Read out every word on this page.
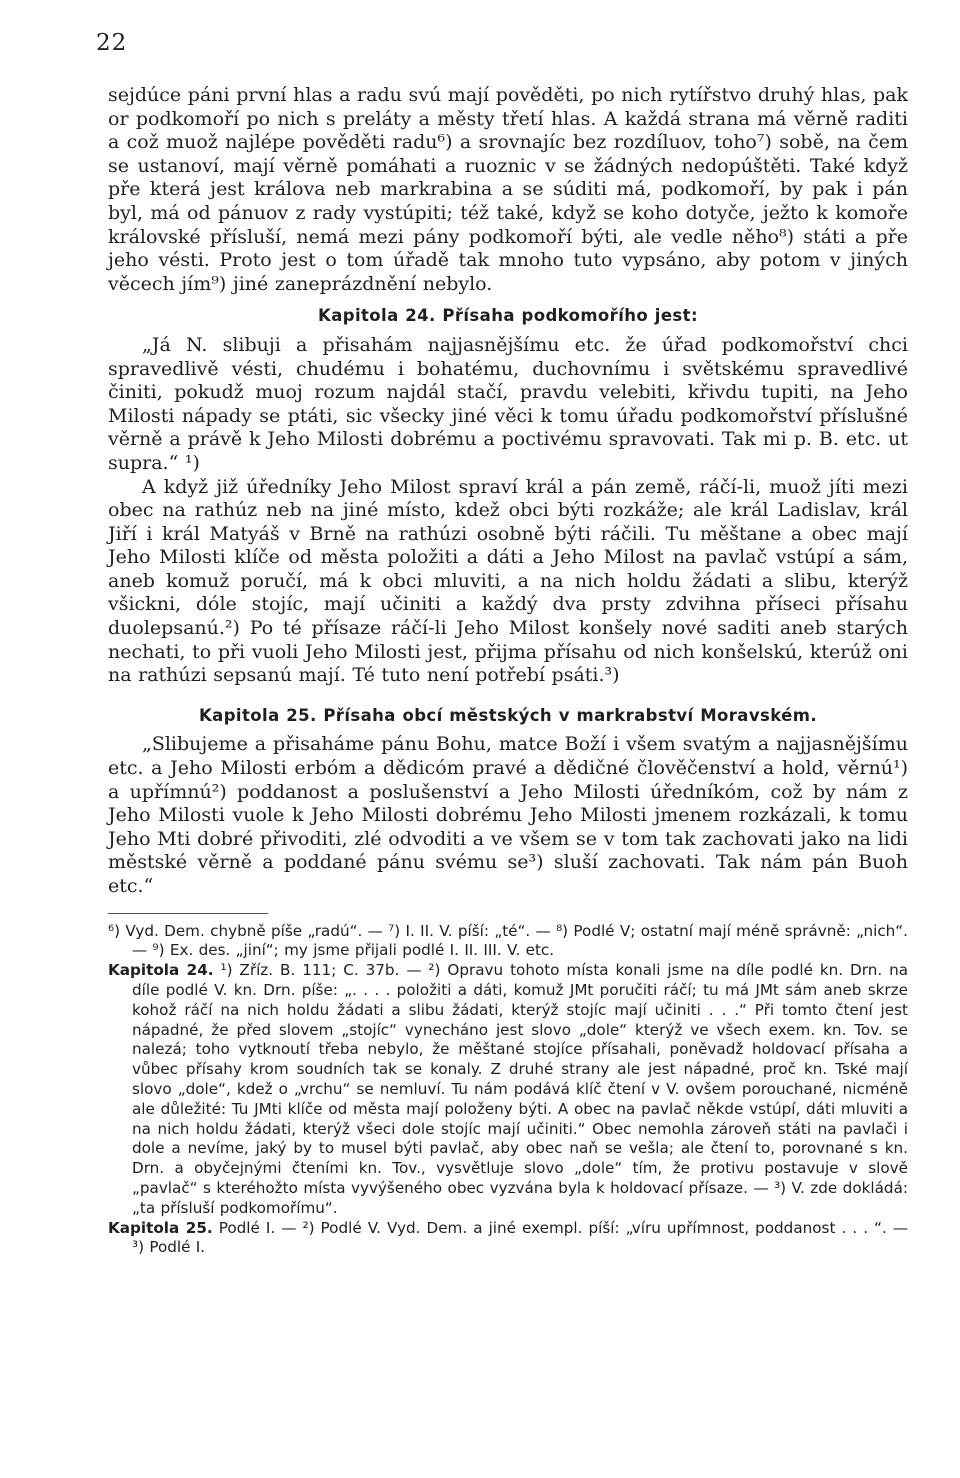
22

sejdúce páni první hlas a radu svú mají pověděti, po nich rytířstvo druhý hlas, pak or podkomoří po nich s preláty a městy třetí hlas. A každá strana má věrně raditi a což muož najlépe pověděti radu⁶) a srovnajíc bez rozdíluov, toho⁷) sobě, na čem se ustanoví, mají věrně pomáhati a ruoznic v se žádných nedopúštěti. Také když pře která jest králova neb markrabina a se súditi má, podkomoří, by pak i pán byl, má od pánuov z rady vystúpiti; též také, když se koho dotyče, ježto k komoře královské přísluší, nemá mezi pány podkomoří býti, ale vedle něho⁸) státi a pře jeho vésti. Proto jest o tom úřadě tak mnoho tuto vypsáno, aby potom v jiných věcech jím⁹) jiné zaneprázdnění nebylo.

Kapitola 24. Přísaha podkomořího jest:

„Já N. slibuji a přisahám najjasnějšímu etc. že úřad podkomořství chci spravedlivě vésti, chudému i bohatému, duchovnímu i světskému spravedlivé činiti, pokudž muoj rozum najdál stačí, pravdu velebiti, křivdu tupiti, na Jeho Milosti nápady se ptáti, sic všecky jiné věci k tomu úřadu podkomořství příslušné věrně a právě k Jeho Milosti dobrému a poctivému spravovati. Tak mi p. B. etc. ut supra.“ ¹)

A když již úředníky Jeho Milost spraví král a pán země, ráčí-li, muož jíti mezi obec na rathúz neb na jiné místo, kdež obci býti rozkáže; ale král Ladislav, král Jiří i král Matyáš v Brně na rathúzi osobně býti ráčili. Tu měštane a obec mají Jeho Milosti klíče od města položiti a dáti a Jeho Milost na pavlač vstúpí a sám, aneb komuž poručí, má k obci mluviti, a na nich holdu žádati a slibu, kterýž všickni, dóle stojíc, mají učiniti a každý dva prsty zdvihna příseci přísahu duolepsanú.²) Po té přísaze ráčí-li Jeho Milost konšely nové saditi aneb starých nechati, to při vuoli Jeho Milosti jest, přijma přísahu od nich konšelskú, kterúž oni na rathúzi sepsanú mají. Té tuto není potřebí psáti.³)

Kapitola 25. Přísaha obcí městských v markrabství Moravském.

„Slibujeme a přisaháme pánu Bohu, matce Boží i všem svatým a najjasnějšímu etc. a Jeho Milosti erbóm a dědicóm pravé a dědičné člověčenství a hold, věrnú¹) a upřímnú²) poddanost a poslušenství a Jeho Milosti úředníkóm, což by nám z Jeho Milosti vuole k Jeho Milosti dobrému Jeho Milosti jmenem rozkázali, k tomu Jeho Mti dobré přivoditi, zlé odvoditi a ve všem se v tom tak zachovati jako na lidi městské věrně a poddané pánu svému se³) sluší zachovati. Tak nám pán Buoh etc.“

⁶) Vyd. Dem. chybně píše „radú“. — ⁷) I. II. V. píší: „té“. — ⁸) Podlé V; ostatní mají méně správně: „nich“. — ⁹) Ex. des. „jiní“; my jsme přijali podlé I. II. III. V. etc.

Kapitola 24. ¹) Zříz. B. 111; C. 37b. — ²) Opravu tohoto místa konali jsme na díle podlé kn. Drn. na díle podlé V. kn. Drn. píše: „. . . . položiti a dáti, komuž JMt poručiti ráčí; tu má JMt sám aneb skrze kohož ráčí na nich holdu žádati a slibu žádati, kterýž stojíc mají učiniti . . .“ Při tomto čtení jest nápadné, že před slovem „stojíc“ vynecháno jest slovo „dole“ kterýž ve všech exem. kn. Tov. se nalezá; toho vytknoutí třeba nebylo, že měštané stojíce přísahali, poněvadž holdovací přísaha a vůbec přísahy krom soudních tak se konaly. Z druhé strany ale jest nápadné, proč kn. Tské mají slovo „dole“, kdež o „vrchu“ se nemluví. Tu nám podává klíč čtení v V. ovšem porouchané, nicméně ale důležité: Tu JMti klíče od města mají položeny býti. A obec na pavlač někde vstúpí, dáti mluviti a na nich holdu žádati, kterýž všeci dole stojíc mají učiniti.“ Obec nemohla zároveň státi na pavlači i dole a nevíme, jaký by to musel býti pavlač, aby obec naň se vešla; ale čtení to, porovnané s kn. Drn. a obyčejnými čteními kn. Tov., vysvětluje slovo „dole“ tím, že protivu postavuje v slově „pavlač“ s kteréhožto místa vyvýšeného obec vyzvána byla k holdovací přísaze. — ³) V. zde dokládá: „ta přísluší podkomořímu“.

Kapitola 25. Podlé I. — ²) Podlé V. Vyd. Dem. a jiné exempl. píší: „víru upřímnost, poddanost . . . “. — ³) Podlé I.
